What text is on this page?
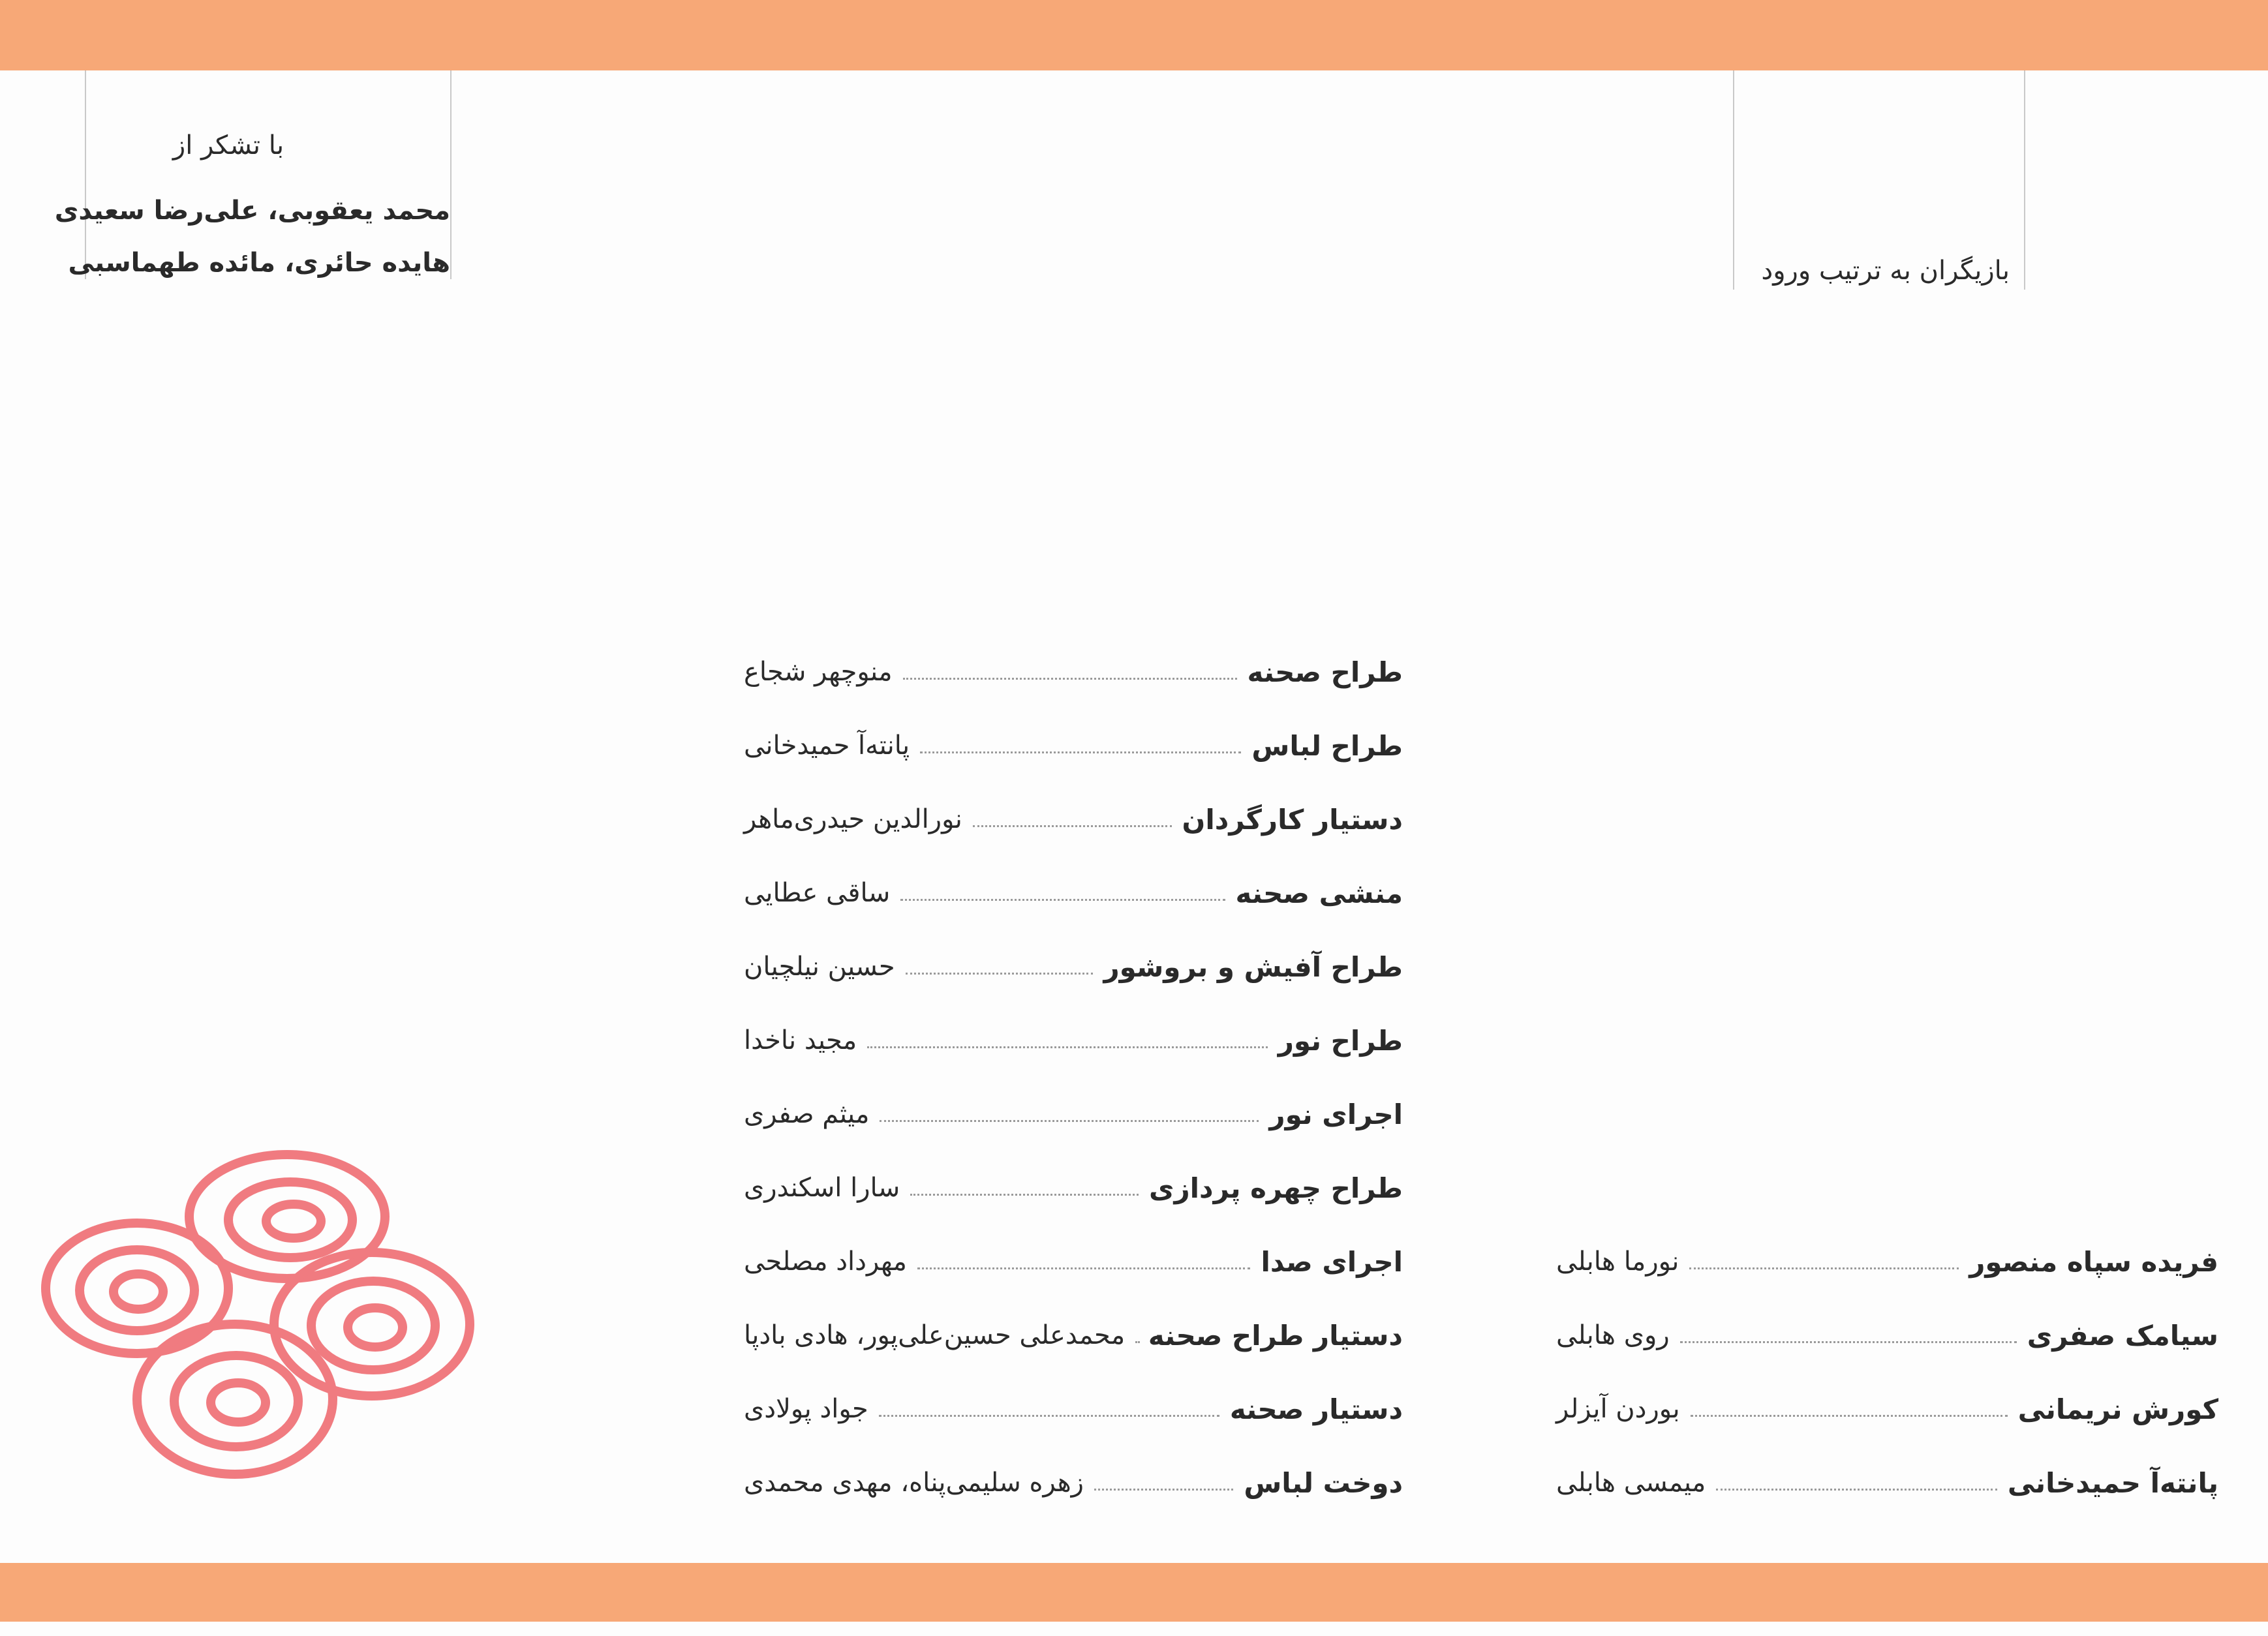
با تشکر از
محمد یعقوبی، علی‌رضا سعیدی
هایده حائری، مائده طهماسبی	بازیگران به ترتیب ورود
طراح صحنه
منوچهر شجاع
طراح لباس
پانته‌آ حمیدخانی
دستیار کارگردان
نورالدین حیدری‌ماهر
منشی صحنه
ساقی عطایی
طراح آفیش و بروشور
حسین نیلچیان
طراح نور
مجید ناخدا
اجرای نور
میثم صفری
طراح چهره پردازی
سارا اسکندری
اجرای صدا
مهرداد مصلحی
دستیار طراح صحنه
محمدعلی حسین‌علی‌پور، هادی بادپا
دستیار صحنه
جواد پولادی
دوخت لباس
زهره سلیمی‌پناه، مهدی محمدی
فریده سپاه منصور
نورما هابلی
سیامک صفری
روی هابلی
کورش نریمانی
بوردن آیزلر
پانته‌آ حمیدخانی
میمسی هابلی
